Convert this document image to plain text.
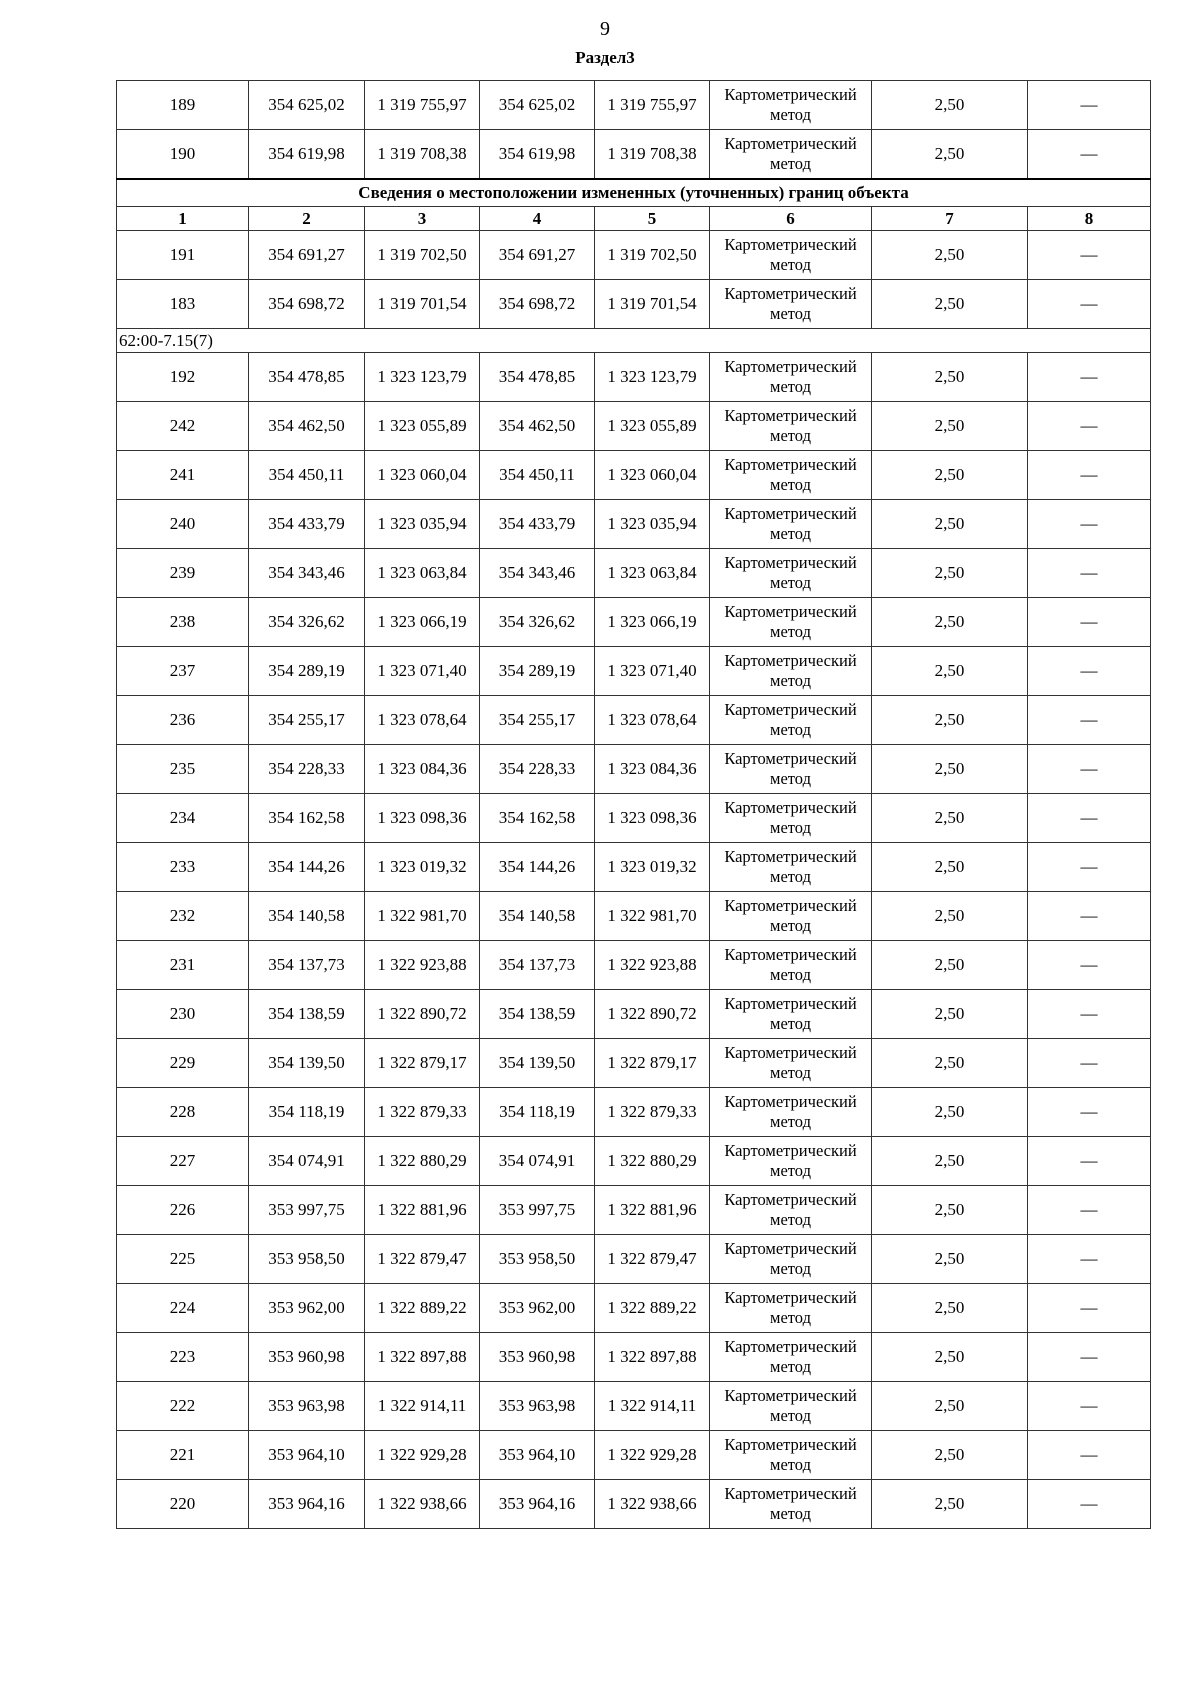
9
Раздел3
189	354 625,02	1 319 755,97	354 625,02	1 319 755,97	Картометрический метод	2,50	—
190	354 619,98	1 319 708,38	354 619,98	1 319 708,38	Картометрический метод	2,50	—
Сведения о местоположении измененных (уточненных) границ объекта							
1	2	3	4	5	6	7	8
191	354 691,27	1 319 702,50	354 691,27	1 319 702,50	Картометрический метод	2,50	—
183	354 698,72	1 319 701,54	354 698,72	1 319 701,54	Картометрический метод	2,50	—
62:00-7.15(7)							
192	354 478,85	1 323 123,79	354 478,85	1 323 123,79	Картометрический метод	2,50	—
242	354 462,50	1 323 055,89	354 462,50	1 323 055,89	Картометрический метод	2,50	—
241	354 450,11	1 323 060,04	354 450,11	1 323 060,04	Картометрический метод	2,50	—
240	354 433,79	1 323 035,94	354 433,79	1 323 035,94	Картометрический метод	2,50	—
239	354 343,46	1 323 063,84	354 343,46	1 323 063,84	Картометрический метод	2,50	—
238	354 326,62	1 323 066,19	354 326,62	1 323 066,19	Картометрический метод	2,50	—
237	354 289,19	1 323 071,40	354 289,19	1 323 071,40	Картометрический метод	2,50	—
236	354 255,17	1 323 078,64	354 255,17	1 323 078,64	Картометрический метод	2,50	—
235	354 228,33	1 323 084,36	354 228,33	1 323 084,36	Картометрический метод	2,50	—
234	354 162,58	1 323 098,36	354 162,58	1 323 098,36	Картометрический метод	2,50	—
233	354 144,26	1 323 019,32	354 144,26	1 323 019,32	Картометрический метод	2,50	—
232	354 140,58	1 322 981,70	354 140,58	1 322 981,70	Картометрический метод	2,50	—
231	354 137,73	1 322 923,88	354 137,73	1 322 923,88	Картометрический метод	2,50	—
230	354 138,59	1 322 890,72	354 138,59	1 322 890,72	Картометрический метод	2,50	—
229	354 139,50	1 322 879,17	354 139,50	1 322 879,17	Картометрический метод	2,50	—
228	354 118,19	1 322 879,33	354 118,19	1 322 879,33	Картометрический метод	2,50	—
227	354 074,91	1 322 880,29	354 074,91	1 322 880,29	Картометрический метод	2,50	—
226	353 997,75	1 322 881,96	353 997,75	1 322 881,96	Картометрический метод	2,50	—
225	353 958,50	1 322 879,47	353 958,50	1 322 879,47	Картометрический метод	2,50	—
224	353 962,00	1 322 889,22	353 962,00	1 322 889,22	Картометрический метод	2,50	—
223	353 960,98	1 322 897,88	353 960,98	1 322 897,88	Картометрический метод	2,50	—
222	353 963,98	1 322 914,11	353 963,98	1 322 914,11	Картометрический метод	2,50	—
221	353 964,10	1 322 929,28	353 964,10	1 322 929,28	Картометрический метод	2,50	—
220	353 964,16	1 322 938,66	353 964,16	1 322 938,66	Картометрический метод	2,50	—
